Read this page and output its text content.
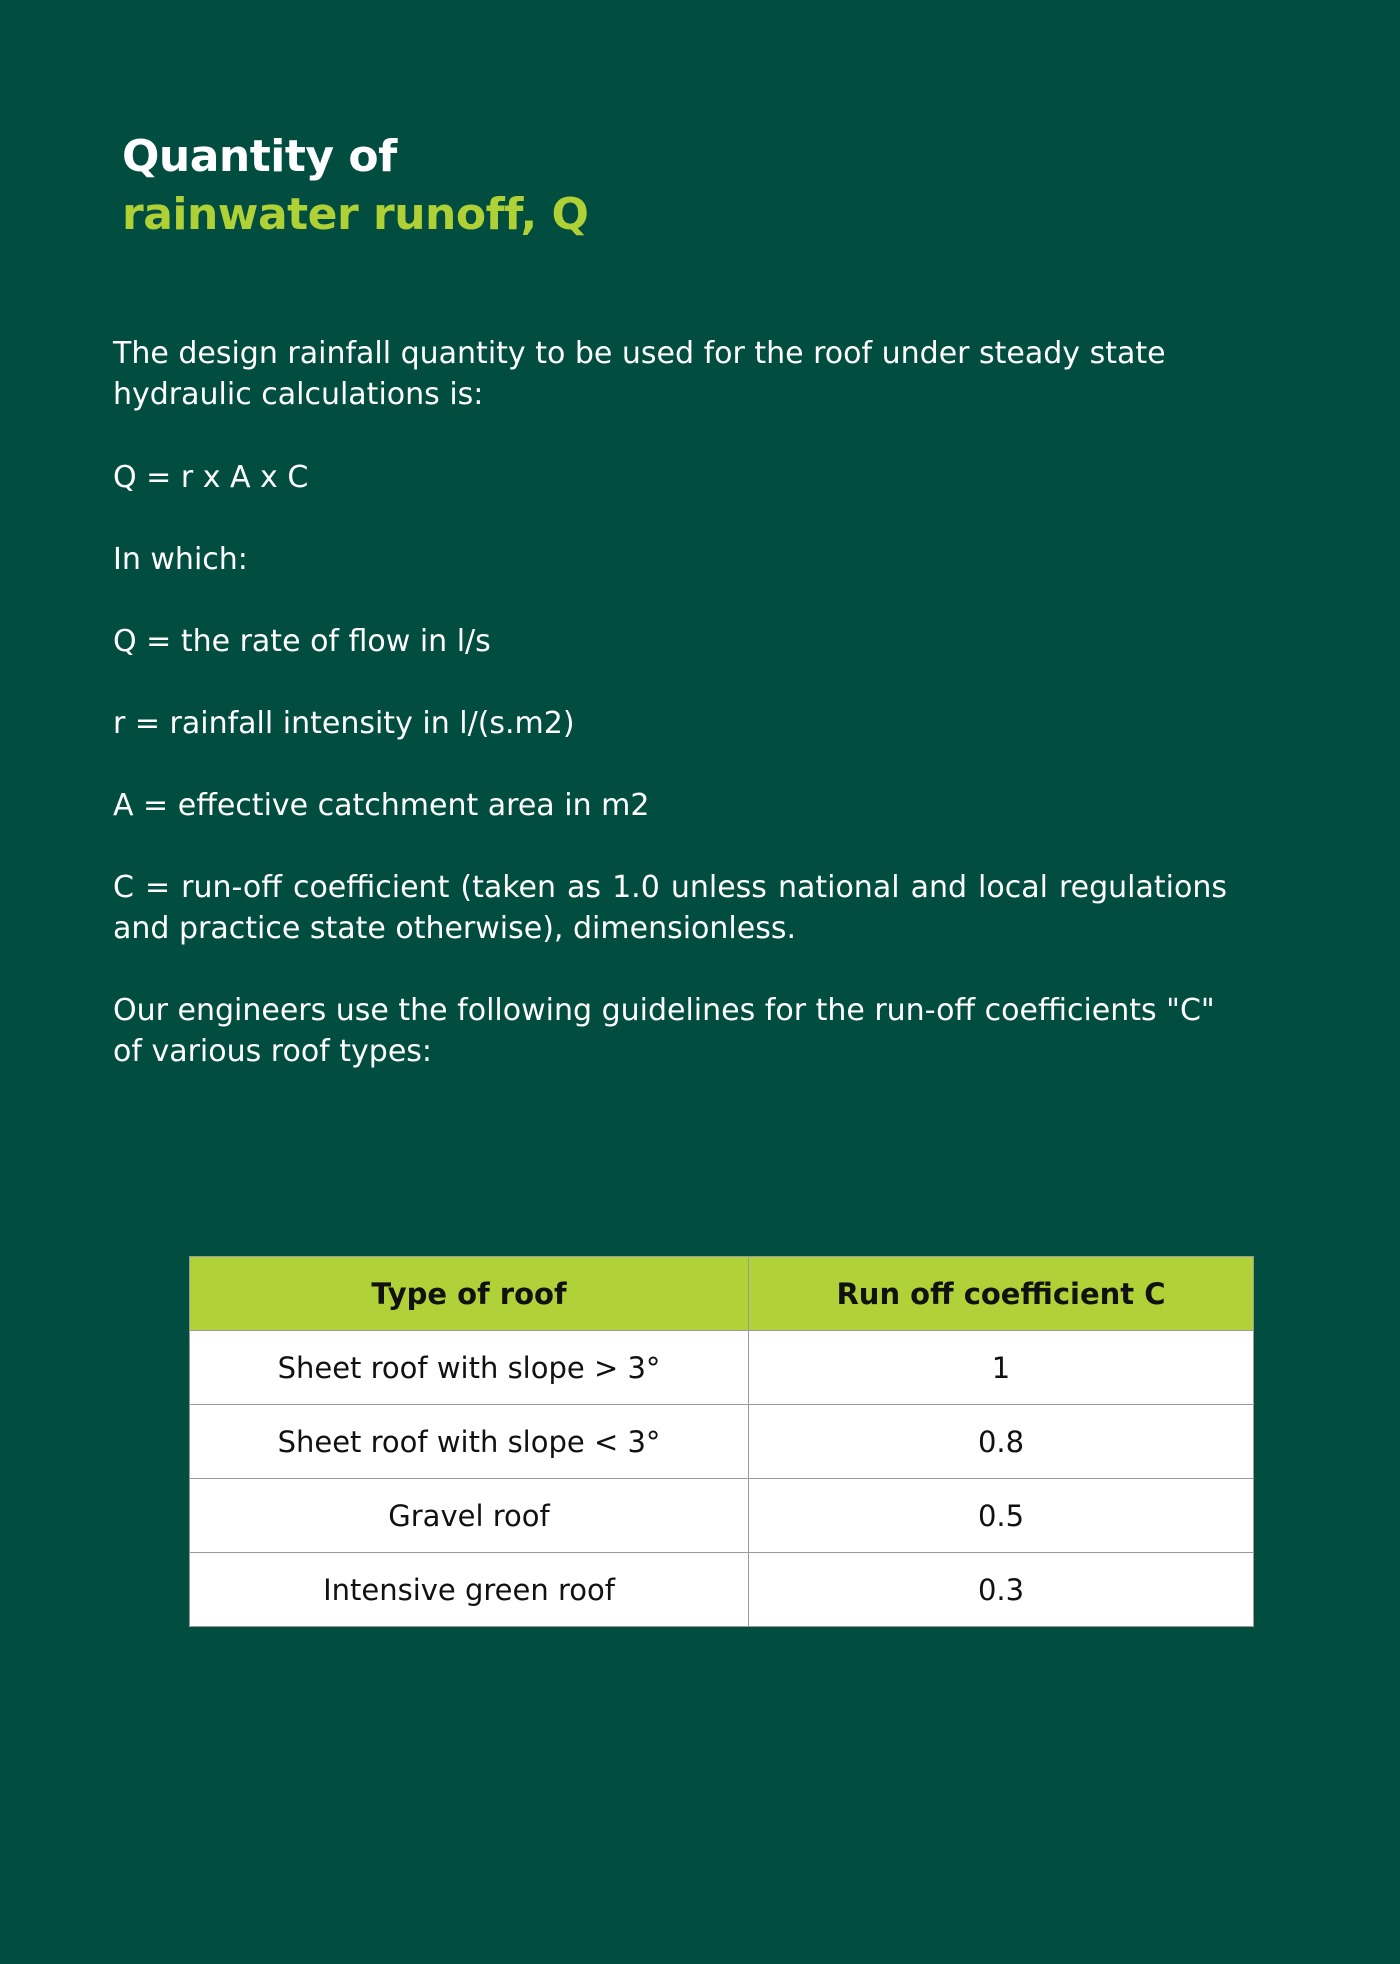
Quantity of
rainwater runoff, Q

The design rainfall quantity to be used for the roof under steady state hydraulic calculations is:

Q = r x A x C

In which:

Q = the rate of flow in l/s

r = rainfall intensity in l/(s.m2)

A = effective catchment area in m2

C = run-off coefficient (taken as 1.0 unless national and local regulations and practice state otherwise), dimensionless.

Our engineers use the following guidelines for the run-off coefficients "C" of various roof types:

Type of roof	Run off coefficient C
Sheet roof with slope > 3°	1
Sheet roof with slope < 3°	0.8
Gravel roof	0.5
Intensive green roof	0.3
